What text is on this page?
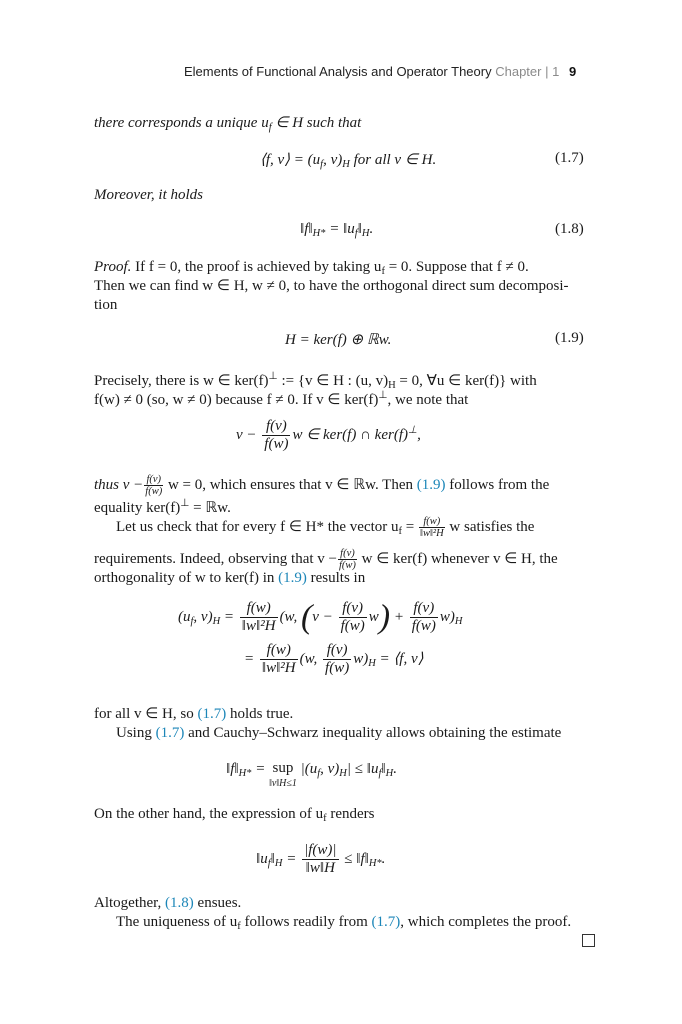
Elements of Functional Analysis and Operator Theory Chapter | 1 9
there corresponds a unique $u_f$ ∈ H such that
⟨f, v⟩ = ($u_f$, $v)_H$ for all v ∈ H.	(1.7)
Moreover, it holds
$‖f‖_{H*}$ = $‖u_f‖_H$.	(1.8)
Proof. If f = 0, the proof is achieved by taking $u_f = 0$. Suppose that f ≠ 0.
Then we can find w ∈ H, w ≠ 0, to have the orthogonal direct sum decomposi-
tion
H = ker(f) ⊕ ℝw.	(1.9)
Precisely, there is w ∈ ker(f)⊥ := {v ∈ H : (u, $v)_H = 0$, ∀u ∈ ker(f)} with
f(w) ≠ 0 (so, w ≠ 0) because f ≠ 0. If v ∈ ker(f)⊥, we note that
$v - \frac{f(v)}{f(w)}$ w ∈ ker(f) ∩ ker(f)⊥,
thus $v - \frac{f(v)}{f(w)}$ w = 0, which ensures that v ∈ ℝw. Then (1.9) follows from the
equality ker(f)⊥ = ℝw.
Let us check that for every f ∈ H* the vector $u_f = \frac{f(w)}{\text{‖w‖²H}}$ w satisfies the
requirements. Indeed, observing that $v - \frac{f(v)}{f(w)}$ w ∈ ker(f) whenever v ∈ H, the
orthogonality of w to ker(f) in (1.9) results in
($u_f$, $v)_H = \frac{f(w)}{\text{‖w‖²H}} (w$, $(v - \frac{f(v)}{f(w)} w) + \frac{f(v)}{f(w)} w)_H$
= $\frac{f(w)}{\text{‖w‖²H}} (w$, $\frac{f(v)}{f(w)} w)_H$ = ⟨f, v⟩
for all v ∈ H, so (1.7) holds true.
Using (1.7) and Cauchy–Schwarz inequality allows obtaining the estimate
$‖f‖_{H*}$ = sup
‖v‖H≤1
$|(u_f$, $v)_H|$ ≤ $‖u_f‖_H$.
On the other hand, the expression of $u_f$ renders
$‖u_f‖_H = \frac{|f(w)|}{‖w‖H}$ ≤ $‖f‖_{H*}$.
Altogether, (1.8) ensues.
The uniqueness of $u_f$ follows readily from (1.7), which completes the proof.
